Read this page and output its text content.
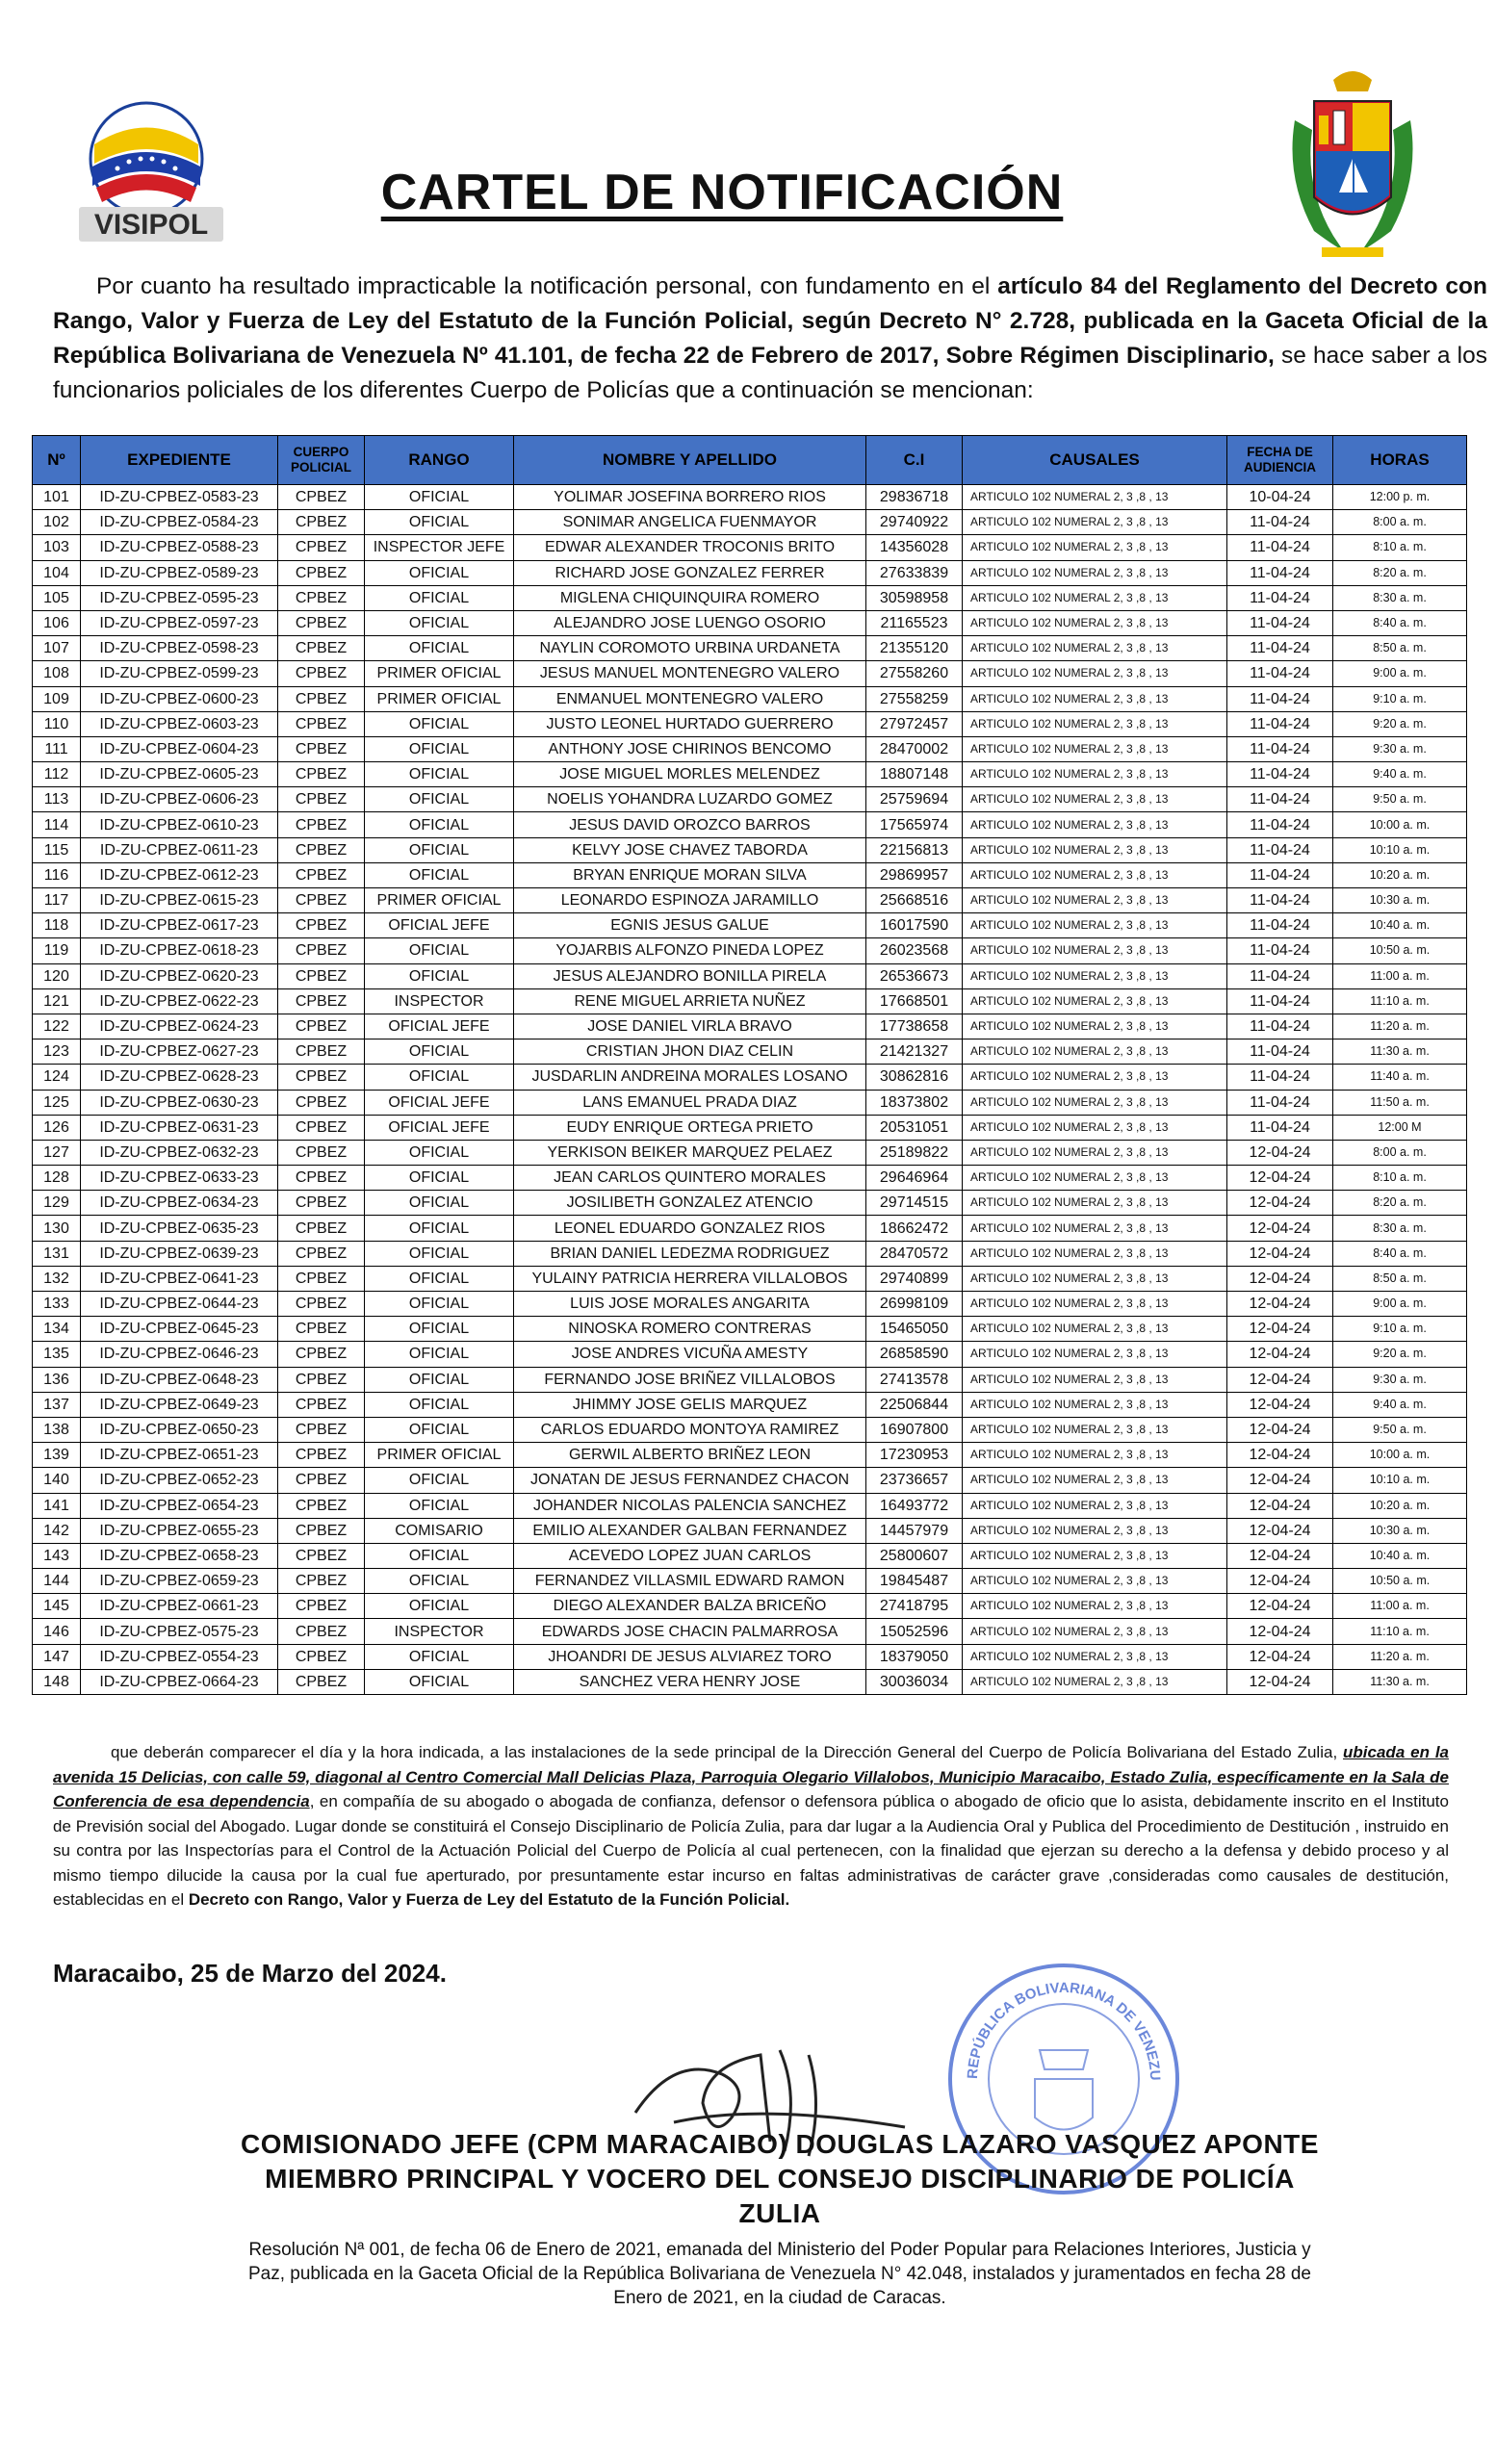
VISIPOL
CARTEL DE NOTIFICACIÓN
Por cuanto ha resultado impracticable la notificación personal, con fundamento en el artículo 84 del Reglamento del Decreto con Rango, Valor y Fuerza de Ley del Estatuto de la Función Policial, según Decreto N° 2.728, publicada en la Gaceta Oficial de la República Bolivariana de Venezuela Nº 41.101, de fecha 22 de Febrero de 2017, Sobre Régimen Disciplinario, se hace saber a los funcionarios policiales de los diferentes Cuerpo de Policías que a continuación se mencionan:
Nº	EXPEDIENTE	CUERPO POLICIAL	RANGO	NOMBRE Y APELLIDO	C.I	CAUSALES	FECHA DE AUDIENCIA	HORAS
101	ID-ZU-CPBEZ-0583-23	CPBEZ	OFICIAL	YOLIMAR JOSEFINA BORRERO RIOS	29836718	ARTICULO 102 NUMERAL 2, 3 ,8 , 13	10-04-24	12:00 p. m.
102	ID-ZU-CPBEZ-0584-23	CPBEZ	OFICIAL	SONIMAR ANGELICA FUENMAYOR	29740922	ARTICULO 102 NUMERAL 2, 3 ,8 , 13	11-04-24	8:00 a. m.
103	ID-ZU-CPBEZ-0588-23	CPBEZ	INSPECTOR JEFE	EDWAR ALEXANDER TROCONIS BRITO	14356028	ARTICULO 102 NUMERAL 2, 3 ,8 , 13	11-04-24	8:10 a. m.
104	ID-ZU-CPBEZ-0589-23	CPBEZ	OFICIAL	RICHARD JOSE GONZALEZ FERRER	27633839	ARTICULO 102 NUMERAL 2, 3 ,8 , 13	11-04-24	8:20 a. m.
105	ID-ZU-CPBEZ-0595-23	CPBEZ	OFICIAL	MIGLENA CHIQUINQUIRA ROMERO	30598958	ARTICULO 102 NUMERAL 2, 3 ,8 , 13	11-04-24	8:30 a. m.
106	ID-ZU-CPBEZ-0597-23	CPBEZ	OFICIAL	ALEJANDRO JOSE LUENGO OSORIO	21165523	ARTICULO 102 NUMERAL 2, 3 ,8 , 13	11-04-24	8:40 a. m.
107	ID-ZU-CPBEZ-0598-23	CPBEZ	OFICIAL	NAYLIN COROMOTO URBINA URDANETA	21355120	ARTICULO 102 NUMERAL 2, 3 ,8 , 13	11-04-24	8:50 a. m.
108	ID-ZU-CPBEZ-0599-23	CPBEZ	PRIMER OFICIAL	JESUS MANUEL MONTENEGRO VALERO	27558260	ARTICULO 102 NUMERAL 2, 3 ,8 , 13	11-04-24	9:00 a. m.
109	ID-ZU-CPBEZ-0600-23	CPBEZ	PRIMER OFICIAL	ENMANUEL MONTENEGRO VALERO	27558259	ARTICULO 102 NUMERAL 2, 3 ,8 , 13	11-04-24	9:10 a. m.
110	ID-ZU-CPBEZ-0603-23	CPBEZ	OFICIAL	JUSTO LEONEL HURTADO GUERRERO	27972457	ARTICULO 102 NUMERAL 2, 3 ,8 , 13	11-04-24	9:20 a. m.
111	ID-ZU-CPBEZ-0604-23	CPBEZ	OFICIAL	ANTHONY JOSE CHIRINOS BENCOMO	28470002	ARTICULO 102 NUMERAL 2, 3 ,8 , 13	11-04-24	9:30 a. m.
112	ID-ZU-CPBEZ-0605-23	CPBEZ	OFICIAL	JOSE MIGUEL MORLES MELENDEZ	18807148	ARTICULO 102 NUMERAL 2, 3 ,8 , 13	11-04-24	9:40 a. m.
113	ID-ZU-CPBEZ-0606-23	CPBEZ	OFICIAL	NOELIS YOHANDRA LUZARDO GOMEZ	25759694	ARTICULO 102 NUMERAL 2, 3 ,8 , 13	11-04-24	9:50 a. m.
114	ID-ZU-CPBEZ-0610-23	CPBEZ	OFICIAL	JESUS DAVID OROZCO BARROS	17565974	ARTICULO 102 NUMERAL 2, 3 ,8 , 13	11-04-24	10:00 a. m.
115	ID-ZU-CPBEZ-0611-23	CPBEZ	OFICIAL	KELVY JOSE CHAVEZ TABORDA	22156813	ARTICULO 102 NUMERAL 2, 3 ,8 , 13	11-04-24	10:10 a. m.
116	ID-ZU-CPBEZ-0612-23	CPBEZ	OFICIAL	BRYAN ENRIQUE MORAN SILVA	29869957	ARTICULO 102 NUMERAL 2, 3 ,8 , 13	11-04-24	10:20 a. m.
117	ID-ZU-CPBEZ-0615-23	CPBEZ	PRIMER OFICIAL	LEONARDO ESPINOZA JARAMILLO	25668516	ARTICULO 102 NUMERAL 2, 3 ,8 , 13	11-04-24	10:30 a. m.
118	ID-ZU-CPBEZ-0617-23	CPBEZ	OFICIAL JEFE	EGNIS JESUS GALUE	16017590	ARTICULO 102 NUMERAL 2, 3 ,8 , 13	11-04-24	10:40 a. m.
119	ID-ZU-CPBEZ-0618-23	CPBEZ	OFICIAL	YOJARBIS ALFONZO PINEDA LOPEZ	26023568	ARTICULO 102 NUMERAL 2, 3 ,8 , 13	11-04-24	10:50 a. m.
120	ID-ZU-CPBEZ-0620-23	CPBEZ	OFICIAL	JESUS ALEJANDRO BONILLA PIRELA	26536673	ARTICULO 102 NUMERAL 2, 3 ,8 , 13	11-04-24	11:00 a. m.
121	ID-ZU-CPBEZ-0622-23	CPBEZ	INSPECTOR	RENE MIGUEL ARRIETA NUÑEZ	17668501	ARTICULO 102 NUMERAL 2, 3 ,8 , 13	11-04-24	11:10 a. m.
122	ID-ZU-CPBEZ-0624-23	CPBEZ	OFICIAL JEFE	JOSE DANIEL VIRLA BRAVO	17738658	ARTICULO 102 NUMERAL 2, 3 ,8 , 13	11-04-24	11:20 a. m.
123	ID-ZU-CPBEZ-0627-23	CPBEZ	OFICIAL	CRISTIAN JHON DIAZ CELIN	21421327	ARTICULO 102 NUMERAL 2, 3 ,8 , 13	11-04-24	11:30 a. m.
124	ID-ZU-CPBEZ-0628-23	CPBEZ	OFICIAL	JUSDARLIN ANDREINA MORALES LOSANO	30862816	ARTICULO 102 NUMERAL 2, 3 ,8 , 13	11-04-24	11:40 a. m.
125	ID-ZU-CPBEZ-0630-23	CPBEZ	OFICIAL JEFE	LANS EMANUEL PRADA DIAZ	18373802	ARTICULO 102 NUMERAL 2, 3 ,8 , 13	11-04-24	11:50 a. m.
126	ID-ZU-CPBEZ-0631-23	CPBEZ	OFICIAL JEFE	EUDY ENRIQUE ORTEGA PRIETO	20531051	ARTICULO 102 NUMERAL 2, 3 ,8 , 13	11-04-24	12:00 M
127	ID-ZU-CPBEZ-0632-23	CPBEZ	OFICIAL	YERKISON BEIKER MARQUEZ PELAEZ	25189822	ARTICULO 102 NUMERAL 2, 3 ,8 , 13	12-04-24	8:00 a. m.
128	ID-ZU-CPBEZ-0633-23	CPBEZ	OFICIAL	JEAN CARLOS QUINTERO MORALES	29646964	ARTICULO 102 NUMERAL 2, 3 ,8 , 13	12-04-24	8:10 a. m.
129	ID-ZU-CPBEZ-0634-23	CPBEZ	OFICIAL	JOSILIBETH GONZALEZ ATENCIO	29714515	ARTICULO 102 NUMERAL 2, 3 ,8 , 13	12-04-24	8:20 a. m.
130	ID-ZU-CPBEZ-0635-23	CPBEZ	OFICIAL	LEONEL EDUARDO GONZALEZ RIOS	18662472	ARTICULO 102 NUMERAL 2, 3 ,8 , 13	12-04-24	8:30 a. m.
131	ID-ZU-CPBEZ-0639-23	CPBEZ	OFICIAL	BRIAN DANIEL LEDEZMA RODRIGUEZ	28470572	ARTICULO 102 NUMERAL 2, 3 ,8 , 13	12-04-24	8:40 a. m.
132	ID-ZU-CPBEZ-0641-23	CPBEZ	OFICIAL	YULAINY PATRICIA HERRERA VILLALOBOS	29740899	ARTICULO 102 NUMERAL 2, 3 ,8 , 13	12-04-24	8:50 a. m.
133	ID-ZU-CPBEZ-0644-23	CPBEZ	OFICIAL	LUIS JOSE MORALES ANGARITA	26998109	ARTICULO 102 NUMERAL 2, 3 ,8 , 13	12-04-24	9:00 a. m.
134	ID-ZU-CPBEZ-0645-23	CPBEZ	OFICIAL	NINOSKA ROMERO CONTRERAS	15465050	ARTICULO 102 NUMERAL 2, 3 ,8 , 13	12-04-24	9:10 a. m.
135	ID-ZU-CPBEZ-0646-23	CPBEZ	OFICIAL	JOSE ANDRES VICUÑA AMESTY	26858590	ARTICULO 102 NUMERAL 2, 3 ,8 , 13	12-04-24	9:20 a. m.
136	ID-ZU-CPBEZ-0648-23	CPBEZ	OFICIAL	FERNANDO JOSE BRIÑEZ VILLALOBOS	27413578	ARTICULO 102 NUMERAL 2, 3 ,8 , 13	12-04-24	9:30 a. m.
137	ID-ZU-CPBEZ-0649-23	CPBEZ	OFICIAL	JHIMMY JOSE GELIS MARQUEZ	22506844	ARTICULO 102 NUMERAL 2, 3 ,8 , 13	12-04-24	9:40 a. m.
138	ID-ZU-CPBEZ-0650-23	CPBEZ	OFICIAL	CARLOS EDUARDO MONTOYA RAMIREZ	16907800	ARTICULO 102 NUMERAL 2, 3 ,8 , 13	12-04-24	9:50 a. m.
139	ID-ZU-CPBEZ-0651-23	CPBEZ	PRIMER OFICIAL	GERWIL ALBERTO BRIÑEZ LEON	17230953	ARTICULO 102 NUMERAL 2, 3 ,8 , 13	12-04-24	10:00 a. m.
140	ID-ZU-CPBEZ-0652-23	CPBEZ	OFICIAL	JONATAN DE JESUS FERNANDEZ CHACON	23736657	ARTICULO 102 NUMERAL 2, 3 ,8 , 13	12-04-24	10:10 a. m.
141	ID-ZU-CPBEZ-0654-23	CPBEZ	OFICIAL	JOHANDER NICOLAS PALENCIA SANCHEZ	16493772	ARTICULO 102 NUMERAL 2, 3 ,8 , 13	12-04-24	10:20 a. m.
142	ID-ZU-CPBEZ-0655-23	CPBEZ	COMISARIO	EMILIO ALEXANDER GALBAN FERNANDEZ	14457979	ARTICULO 102 NUMERAL 2, 3 ,8 , 13	12-04-24	10:30 a. m.
143	ID-ZU-CPBEZ-0658-23	CPBEZ	OFICIAL	ACEVEDO LOPEZ JUAN CARLOS	25800607	ARTICULO 102 NUMERAL 2, 3 ,8 , 13	12-04-24	10:40 a. m.
144	ID-ZU-CPBEZ-0659-23	CPBEZ	OFICIAL	FERNANDEZ VILLASMIL EDWARD RAMON	19845487	ARTICULO 102 NUMERAL 2, 3 ,8 , 13	12-04-24	10:50 a. m.
145	ID-ZU-CPBEZ-0661-23	CPBEZ	OFICIAL	DIEGO ALEXANDER BALZA BRICEÑO	27418795	ARTICULO 102 NUMERAL 2, 3 ,8 , 13	12-04-24	11:00 a. m.
146	ID-ZU-CPBEZ-0575-23	CPBEZ	INSPECTOR	EDWARDS JOSE CHACIN PALMARROSA	15052596	ARTICULO 102 NUMERAL 2, 3 ,8 , 13	12-04-24	11:10 a. m.
147	ID-ZU-CPBEZ-0554-23	CPBEZ	OFICIAL	JHOANDRI DE JESUS ALVIAREZ TORO	18379050	ARTICULO 102 NUMERAL 2, 3 ,8 , 13	12-04-24	11:20 a. m.
148	ID-ZU-CPBEZ-0664-23	CPBEZ	OFICIAL	SANCHEZ VERA HENRY JOSE	30036034	ARTICULO 102 NUMERAL 2, 3 ,8 , 13	12-04-24	11:30 a. m.
que deberán comparecer el día y la hora indicada, a las instalaciones de la sede principal de la Dirección General del Cuerpo de Policía Bolivariana del Estado Zulia, ubicada en la avenida 15 Delicias, con calle 59, diagonal al Centro Comercial Mall Delicias Plaza, Parroquia Olegario Villalobos, Municipio Maracaibo, Estado Zulia, específicamente en la Sala de Conferencia de esa dependencia, en compañía de su abogado o abogada de confianza, defensor o defensora pública o abogado de oficio que lo asista, debidamente inscrito en el Instituto de Previsión social del Abogado. Lugar donde se constituirá el Consejo Disciplinario de Policía Zulia, para dar lugar a la Audiencia Oral y Publica del Procedimiento de Destitución , instruido en su contra por las Inspectorías para el Control de la Actuación Policial del Cuerpo de Policía al cual pertenecen, con la finalidad que ejerzan su derecho a la defensa y debido proceso y al mismo tiempo dilucide la causa por la cual fue aperturado, por presuntamente estar incurso en faltas administrativas de carácter grave ,consideradas como causales de destitución, establecidas en el Decreto con Rango, Valor y Fuerza de Ley del Estatuto de la Función Policial.
Maracaibo, 25 de Marzo del 2024.
REPÚBLICA BOLIVARIANA DE VENEZU
COMISIONADO JEFE (CPM MARACAIBO) DOUGLAS LAZARO VASQUEZ APONTE
MIEMBRO PRINCIPAL Y VOCERO DEL CONSEJO DISCIPLINARIO DE POLICÍA
ZULIA
Resolución Nª 001, de fecha 06 de Enero de 2021, emanada del Ministerio del Poder Popular para Relaciones Interiores, Justicia y Paz, publicada en la Gaceta Oficial de la República Bolivariana de Venezuela N° 42.048, instalados y juramentados en fecha 28 de Enero de 2021, en la ciudad de Caracas.
